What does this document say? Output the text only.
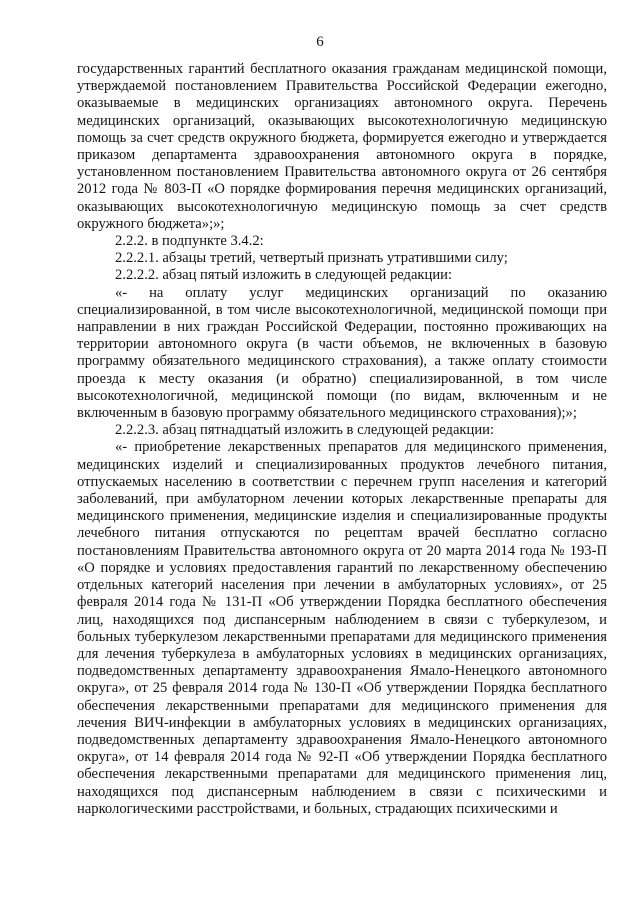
6

государственных гарантий бесплатного оказания гражданам медицинской помощи, утверждаемой постановлением Правительства Российской Федерации ежегодно, оказываемые в медицинских организациях автономного округа. Перечень медицинских организаций, оказывающих высокотехнологичную медицинскую помощь за счет средств окружного бюджета, формируется ежегодно и утверждается приказом департамента здравоохранения автономного округа в порядке, установленном постановлением Правительства автономного округа от 26 сентября 2012 года № 803-П «О порядке формирования перечня медицинских организаций, оказывающих высокотехнологичную медицинскую помощь за счет средств окружного бюджета»;»;

2.2.2. в подпункте 3.4.2:

2.2.2.1. абзацы третий, четвертый признать утратившими силу;

2.2.2.2. абзац пятый изложить в следующей редакции:

«- на оплату услуг медицинских организаций по оказанию специализированной, в том числе высокотехнологичной, медицинской помощи при направлении в них граждан Российской Федерации, постоянно проживающих на территории автономного округа (в части объемов, не включенных в базовую программу обязательного медицинского страхования), а также оплату стоимости проезда к месту оказания (и обратно) специализированной, в том числе высокотехнологичной, медицинской помощи (по видам, включенным и не включенным в базовую программу обязательного медицинского страхования);»;

2.2.2.3. абзац пятнадцатый изложить в следующей редакции:

«- приобретение лекарственных препаратов для медицинского применения, медицинских изделий и специализированных продуктов лечебного питания, отпускаемых населению в соответствии с перечнем групп населения и категорий заболеваний, при амбулаторном лечении которых лекарственные препараты для медицинского применения, медицинские изделия и специализированные продукты лечебного питания отпускаются по рецептам врачей бесплатно согласно постановлениям Правительства автономного округа от 20 марта 2014 года № 193-П «О порядке и условиях предоставления гарантий по лекарственному обеспечению отдельных категорий населения при лечении в амбулаторных условиях», от 25 февраля 2014 года № 131-П «Об утверждении Порядка бесплатного обеспечения лиц, находящихся под диспансерным наблюдением в связи с туберкулезом, и больных туберкулезом лекарственными препаратами для медицинского применения для лечения туберкулеза в амбулаторных условиях в медицинских организациях, подведомственных департаменту здравоохранения Ямало-Ненецкого автономного округа», от 25 февраля 2014 года № 130-П «Об утверждении Порядка бесплатного обеспечения лекарственными препаратами для медицинского применения для лечения ВИЧ-инфекции в амбулаторных условиях в медицинских организациях, подведомственных департаменту здравоохранения Ямало-Ненецкого автономного округа», от 14 февраля 2014 года № 92-П «Об утверждении Порядка бесплатного обеспечения лекарственными препаратами для медицинского применения лиц, находящихся под диспансерным наблюдением в связи с психическими и наркологическими расстройствами, и больных, страдающих психическими и
